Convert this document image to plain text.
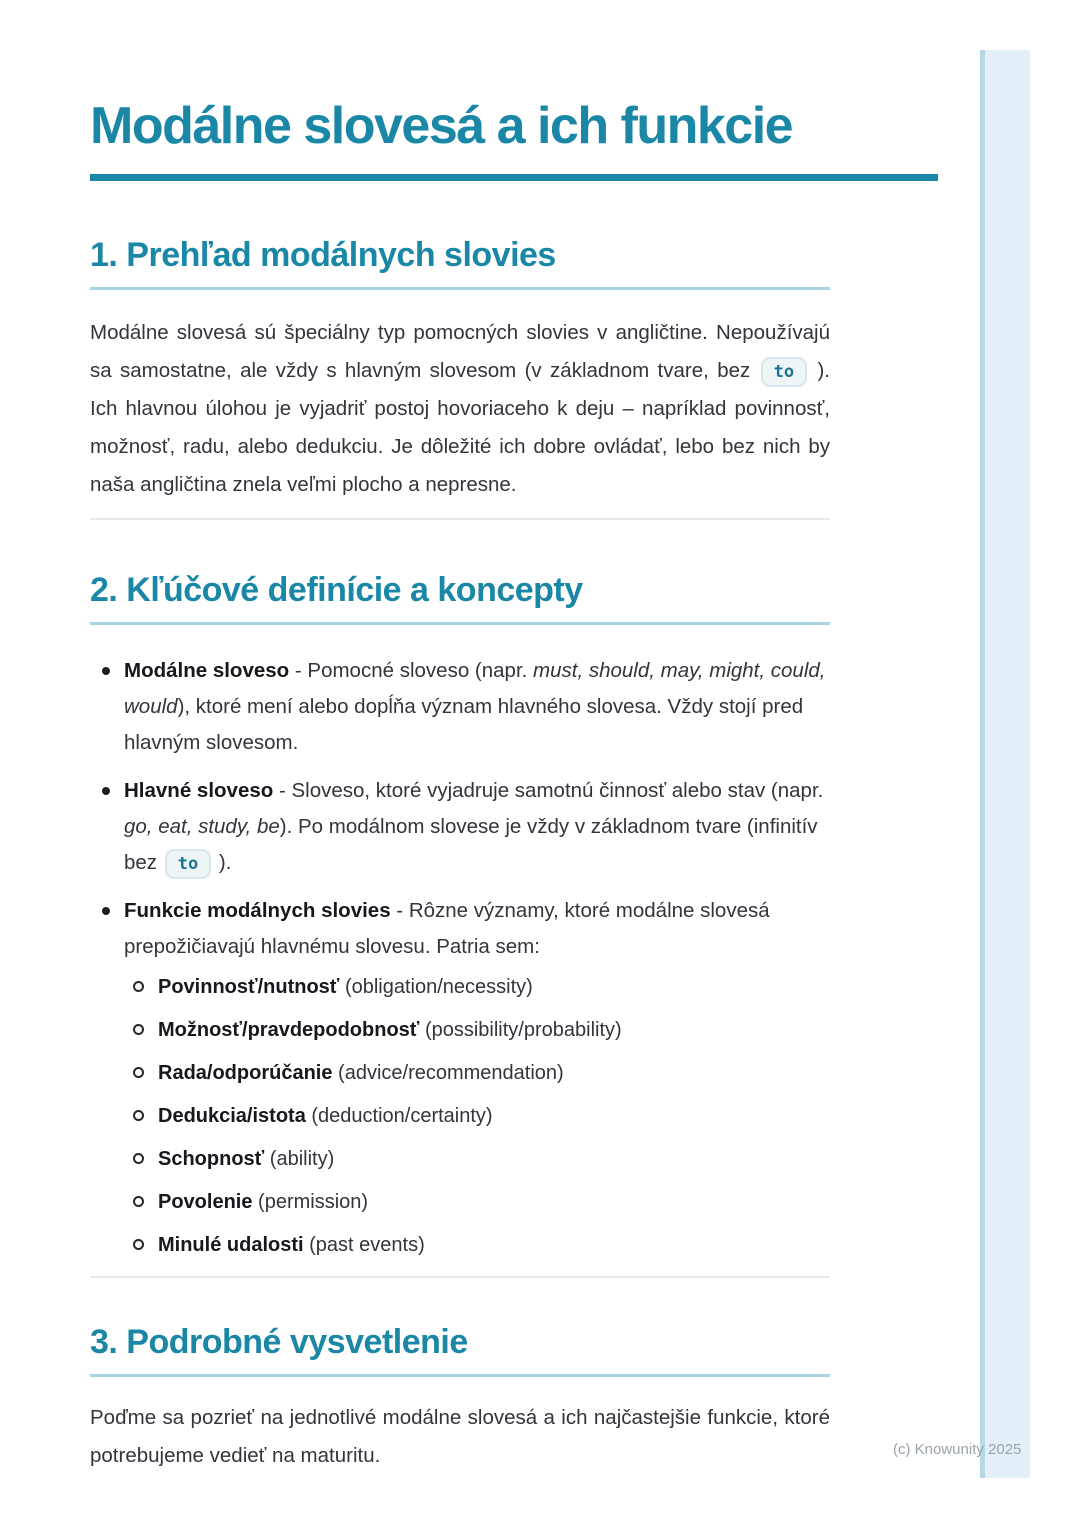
Modálne slovesá a ich funkcie
1. Prehľad modálnych slovies

Modálne slovesá sú špeciálny typ pomocných slovies v angličtine. Nepoužívajú sa samostatne, ale vždy s hlavným slovesom (v základnom tvare, bez to ). Ich hlavnou úlohou je vyjadriť postoj hovoriaceho k deju – napríklad povinnosť, možnosť, radu, alebo dedukciu. Je dôležité ich dobre ovládať, lebo bez nich by naša angličtina znela veľmi plocho a nepresne.

2. Kľúčové definície a koncepty
Modálne sloveso - Pomocné sloveso (napr. must, should, may, might, could, would), ktoré mení alebo dopĺňa význam hlavného slovesa. Vždy stojí pred hlavným slovesom.
Hlavné sloveso - Sloveso, ktoré vyjadruje samotnú činnosť alebo stav (napr. go, eat, study, be). Po modálnom slovese je vždy v základnom tvare (infinitív bez to ).
Funkcie modálnych slovies - Rôzne významy, ktoré modálne slovesá prepožičiavajú hlavnému slovesu. Patria sem:
Povinnosť/nutnosť (obligation/necessity)
Možnosť/pravdepodobnosť (possibility/probability)
Rada/odporúčanie (advice/recommendation)
Dedukcia/istota (deduction/certainty)
Schopnosť (ability)
Povolenie (permission)
Minulé udalosti (past events)
3. Podrobné vysvetlenie

Poďme sa pozrieť na jednotlivé modálne slovesá a ich najčastejšie funkcie, ktoré potrebujeme vedieť na maturitu.	(c) Knowunity 2025
